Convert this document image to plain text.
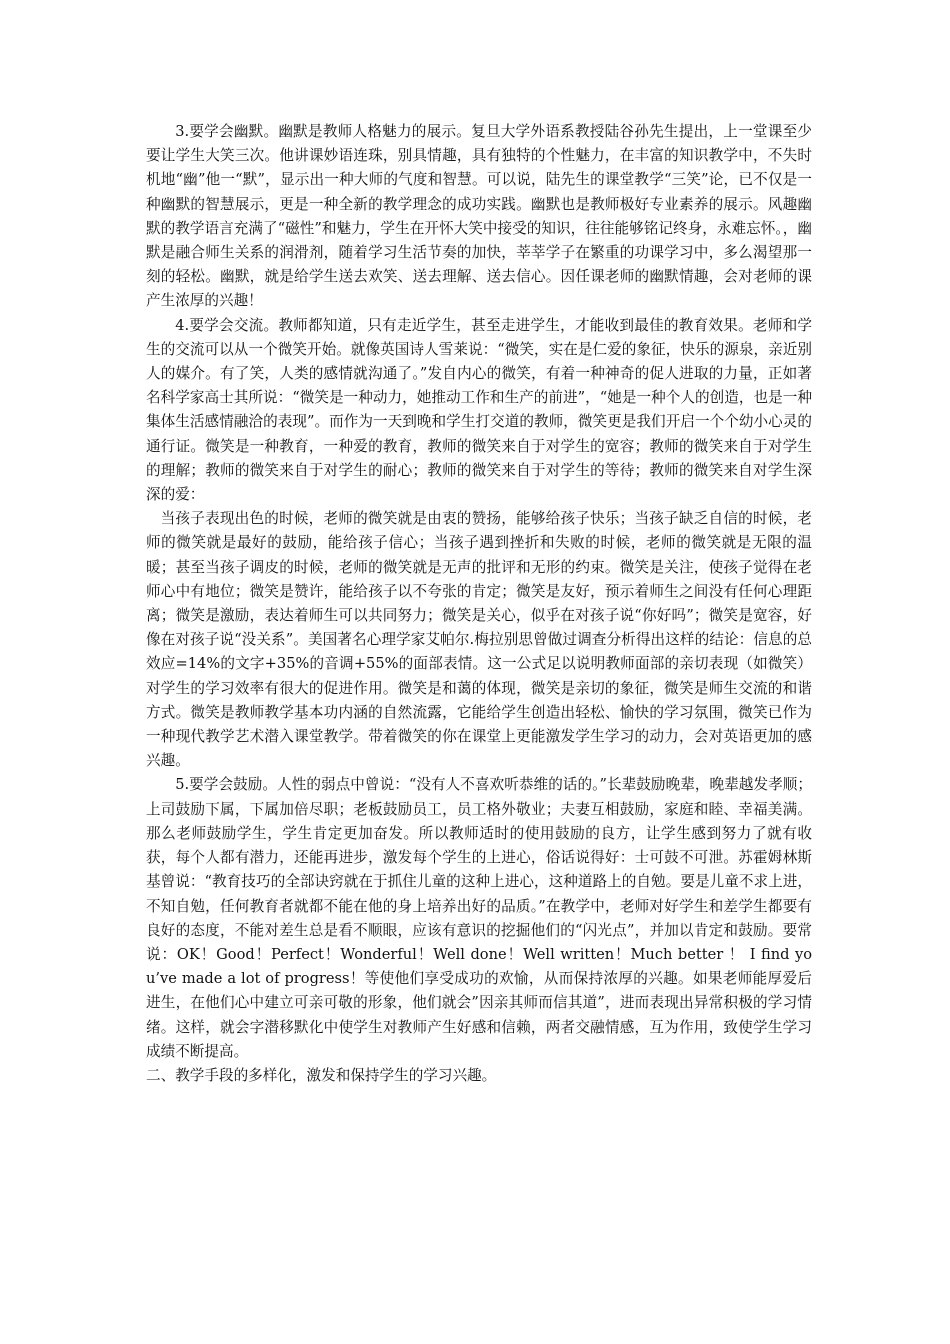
3.要学会幽默。幽默是教师人格魅力的展示。复旦大学外语系教授陆谷孙先生提出，上一堂课至少要让学生大笑三次。他讲课妙语连珠，别具情趣，具有独特的个性魅力，在丰富的知识教学中，不失时机地“幽”他一“默”，显示出一种大师的气度和智慧。可以说，陆先生的课堂教学“三笑”论，已不仅是一种幽默的智慧展示，更是一种全新的教学理念的成功实践。幽默也是教师极好专业素养的展示。风趣幽默的教学语言充满了“磁性”和魅力，学生在开怀大笑中接受的知识，往往能够铭记终身，永难忘怀。，幽默是融合师生关系的润滑剂，随着学习生活节奏的加快，莘莘学子在繁重的功课学习中，多么渴望那一刻的轻松。幽默，就是给学生送去欢笑、送去理解、送去信心。因任课老师的幽默情趣，会对老师的课产生浓厚的兴趣！

4.要学会交流。教师都知道，只有走近学生，甚至走进学生，才能收到最佳的教育效果。老师和学生的交流可以从一个微笑开始。就像英国诗人雪莱说：“微笑，实在是仁爱的象征，快乐的源泉，亲近别人的媒介。有了笑，人类的感情就沟通了。”发自内心的微笑，有着一种神奇的促人进取的力量，正如著名科学家高士其所说：“微笑是一种动力，她推动工作和生产的前进”，“她是一种个人的创造，也是一种集体生活感情融洽的表现”。而作为一天到晚和学生打交道的教师，微笑更是我们开启一个个幼小心灵的通行证。微笑是一种教育，一种爱的教育，教师的微笑来自于对学生的宽容；教师的微笑来自于对学生的理解；教师的微笑来自于对学生的耐心；教师的微笑来自于对学生的等待；教师的微笑来自对学生深深的爱：

当孩子表现出色的时候，老师的微笑就是由衷的赞扬，能够给孩子快乐；当孩子缺乏自信的时候，老师的微笑就是最好的鼓励，能给孩子信心；当孩子遇到挫折和失败的时候，老师的微笑就是无限的温暖；甚至当孩子调皮的时候，老师的微笑就是无声的批评和无形的约束。微笑是关注，使孩子觉得在老师心中有地位；微笑是赞许，能给孩子以不夸张的肯定；微笑是友好，预示着师生之间没有任何心理距离；微笑是激励，表达着师生可以共同努力；微笑是关心，似乎在对孩子说“你好吗”；微笑是宽容，好像在对孩子说“没关系”。美国著名心理学家艾帕尔.梅拉别思曾做过调查分析得出这样的结论：信息的总效应=14%的文字+35%的音调+55%的面部表情。这一公式足以说明教师面部的亲切表现（如微笑）对学生的学习效率有很大的促进作用。微笑是和蔼的体现，微笑是亲切的象征，微笑是师生交流的和谐方式。微笑是教师教学基本功内涵的自然流露，它能给学生创造出轻松、愉快的学习氛围，微笑已作为一种现代教学艺术潜入课堂教学。带着微笑的你在课堂上更能激发学生学习的动力，会对英语更加的感兴趣。

5.要学会鼓励。人性的弱点中曾说：“没有人不喜欢听恭维的话的。”长辈鼓励晚辈，晚辈越发孝顺；上司鼓励下属，下属加倍尽职；老板鼓励员工，员工格外敬业；夫妻互相鼓励，家庭和睦、幸福美满。那么老师鼓励学生，学生肯定更加奋发。所以教师适时的使用鼓励的良方，让学生感到努力了就有收获，每个人都有潜力，还能再进步，激发每个学生的上进心，俗话说得好：士可鼓不可泄。苏霍姆林斯基曾说：“教育技巧的全部诀窍就在于抓住儿童的这种上进心，这种道路上的自勉。要是儿童不求上进，不知自勉，任何教育者就都不能在他的身上培养出好的品质。”在教学中，老师对好学生和差学生都要有良好的态度，不能对差生总是看不顺眼，应该有意识的挖掘他们的“闪光点”，并加以肯定和鼓励。要常说：OK！Good！Perfect！Wonderful！Well done！Well written！Much better ！ I find you’ve made a lot of progress！等使他们享受成功的欢愉，从而保持浓厚的兴趣。如果老师能厚爱后进生，在他们心中建立可亲可敬的形象，他们就会”因亲其师而信其道”，进而表现出异常积极的学习情绪。这样，就会字潜移默化中使学生对教师产生好感和信赖，两者交融情感，互为作用，致使学生学习成绩不断提高。

二、教学手段的多样化，激发和保持学生的学习兴趣。
